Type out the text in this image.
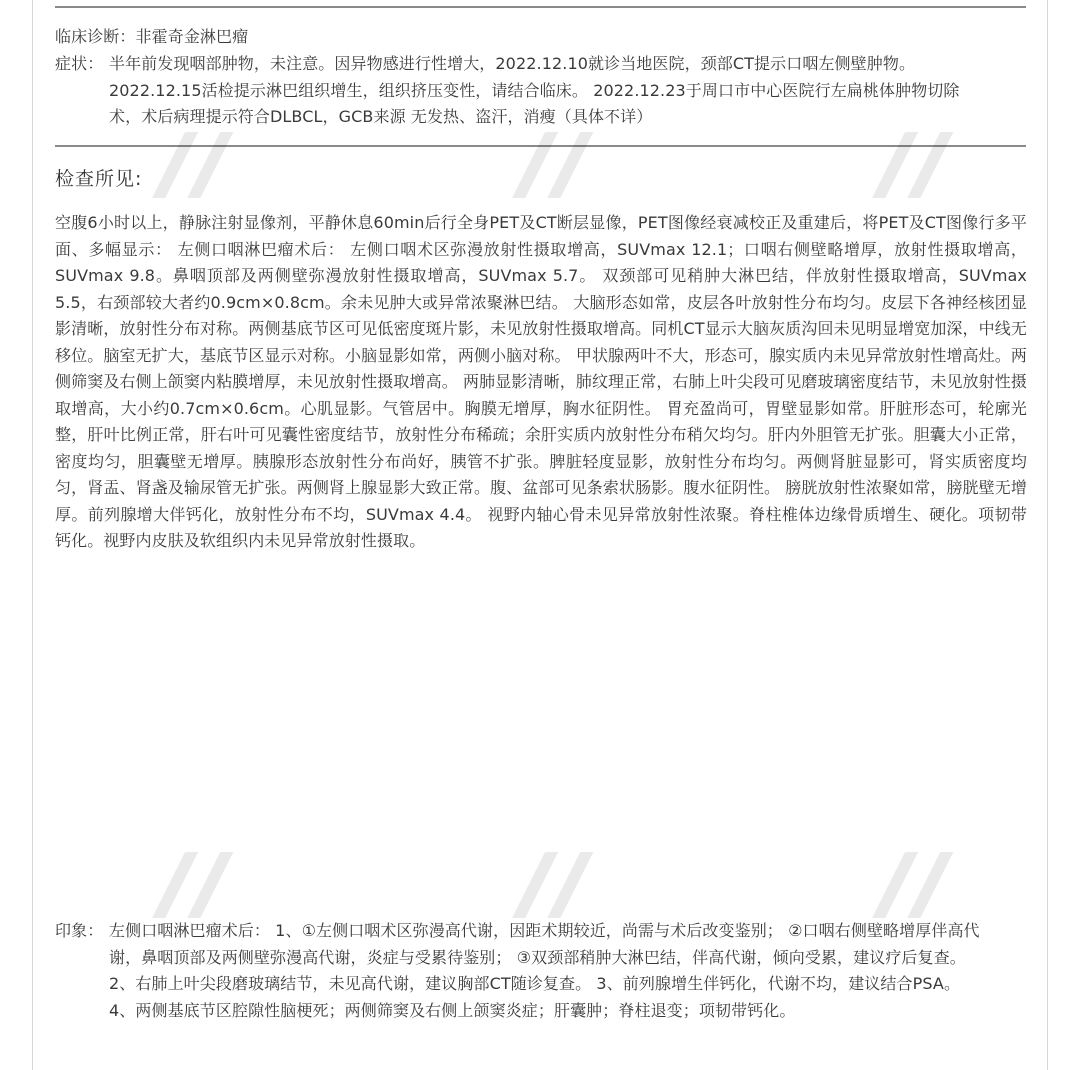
临床诊断： 非霍奇金淋巴瘤
症状： 半年前发现咽部肿物，未注意。因异物感进行性增大，2022.12.10就诊当地医院，颈部CT提示口咽左侧壁肿物。2022.12.15活检提示淋巴组织增生，组织挤压变性，请结合临床。 2022.12.23于周口市中心医院行左扁桃体肿物切除术，术后病理提示符合DLBCL，GCB来源 无发热、盗汗，消瘦（具体不详）
检查所见:
空腹6小时以上，静脉注射显像剂，平静休息60min后行全身PET及CT断层显像，PET图像经衰减校正及重建后，将PET及CT图像行多平面、多幅显示： 左侧口咽淋巴瘤术后： 左侧口咽术区弥漫放射性摄取增高，SUVmax 12.1；口咽右侧壁略增厚，放射性摄取增高，SUVmax 9.8。鼻咽顶部及两侧壁弥漫放射性摄取增高，SUVmax 5.7。 双颈部可见稍肿大淋巴结，伴放射性摄取增高，SUVmax 5.5，右颈部较大者约0.9cm×0.8cm。余未见肿大或异常浓聚淋巴结。 大脑形态如常，皮层各叶放射性分布均匀。皮层下各神经核团显影清晰，放射性分布对称。两侧基底节区可见低密度斑片影，未见放射性摄取增高。同机CT显示大脑灰质沟回未见明显增宽加深，中线无移位。脑室无扩大，基底节区显示对称。小脑显影如常，两侧小脑对称。 甲状腺两叶不大，形态可，腺实质内未见异常放射性增高灶。两侧筛窦及右侧上颌窦内粘膜增厚，未见放射性摄取增高。 两肺显影清晰，肺纹理正常，右肺上叶尖段可见磨玻璃密度结节，未见放射性摄取增高，大小约0.7cm×0.6cm。心肌显影。气管居中。胸膜无增厚，胸水征阴性。 胃充盈尚可，胃壁显影如常。肝脏形态可，轮廓光整，肝叶比例正常，肝右叶可见囊性密度结节，放射性分布稀疏；余肝实质内放射性分布稍欠均匀。肝内外胆管无扩张。胆囊大小正常，密度均匀，胆囊壁无增厚。胰腺形态放射性分布尚好，胰管不扩张。脾脏轻度显影，放射性分布均匀。两侧肾脏显影可，肾实质密度均匀，肾盂、肾盏及输尿管无扩张。两侧肾上腺显影大致正常。腹、盆部可见条索状肠影。腹水征阴性。 膀胱放射性浓聚如常，膀胱壁无增厚。前列腺增大伴钙化，放射性分布不均，SUVmax 4.4。 视野内轴心骨未见异常放射性浓聚。脊柱椎体边缘骨质增生、硬化。项韧带钙化。视野内皮肤及软组织内未见异常放射性摄取。
印象： 左侧口咽淋巴瘤术后： 1、①左侧口咽术区弥漫高代谢，因距术期较近，尚需与术后改变鉴别； ②口咽右侧壁略增厚伴高代谢，鼻咽顶部及两侧壁弥漫高代谢，炎症与受累待鉴别； ③双颈部稍肿大淋巴结，伴高代谢，倾向受累，建议疗后复查。 2、右肺上叶尖段磨玻璃结节，未见高代谢，建议胸部CT随诊复查。 3、前列腺增生伴钙化，代谢不均，建议结合PSA。 4、两侧基底节区腔隙性脑梗死；两侧筛窦及右侧上颌窦炎症；肝囊肿；脊柱退变；项韧带钙化。
